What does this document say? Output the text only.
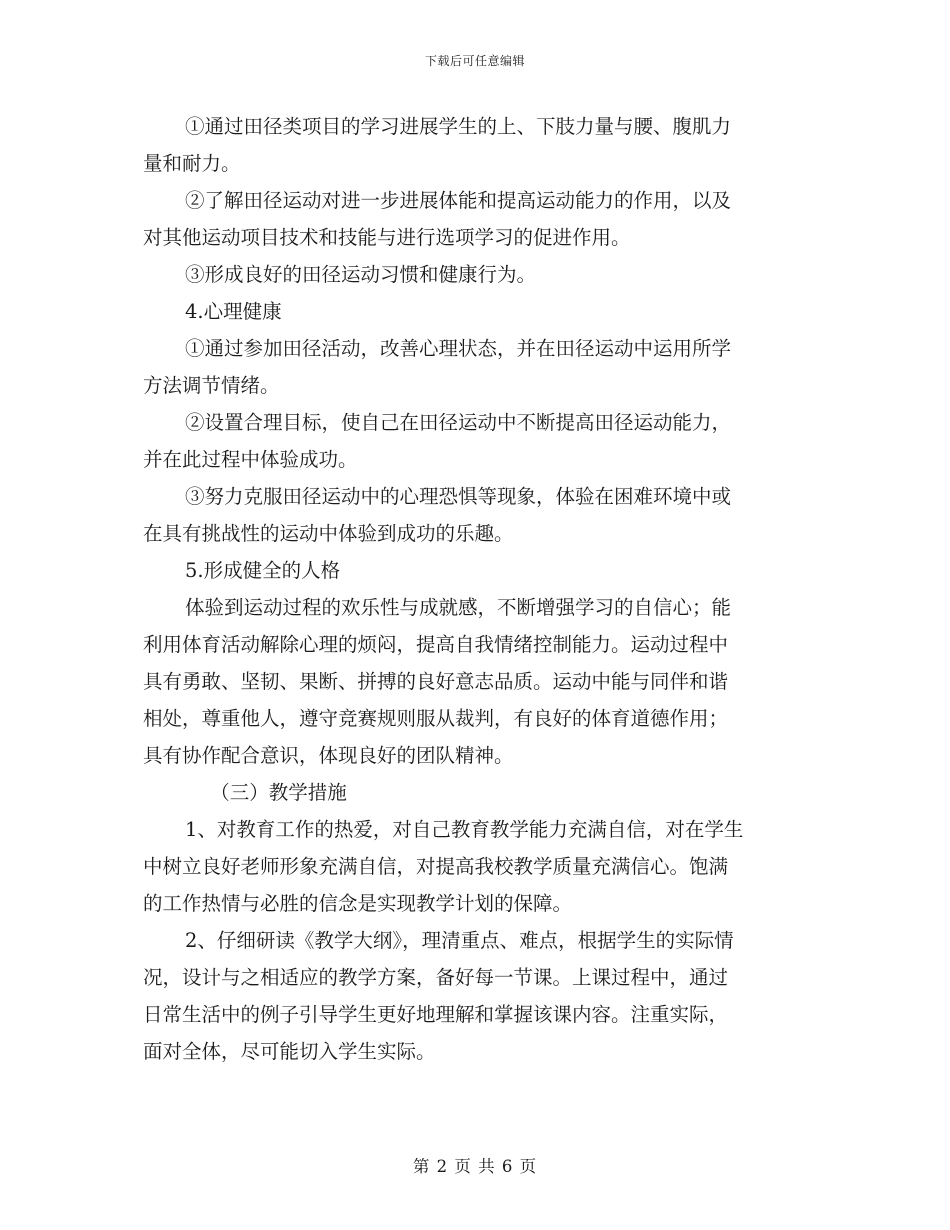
下载后可任意编辑
①通过田径类项目的学习进展学生的上、下肢力量与腰、腹肌力
量和耐力。
②了解田径运动对进一步进展体能和提高运动能力的作用，以及
对其他运动项目技术和技能与进行选项学习的促进作用。
③形成良好的田径运动习惯和健康行为。
4.心理健康
①通过参加田径活动，改善心理状态，并在田径运动中运用所学
方法调节情绪。
②设置合理目标，使自己在田径运动中不断提高田径运动能力，
并在此过程中体验成功。
③努力克服田径运动中的心理恐惧等现象，体验在困难环境中或
在具有挑战性的运动中体验到成功的乐趣。
5.形成健全的人格
体验到运动过程的欢乐性与成就感，不断增强学习的自信心；能
利用体育活动解除心理的烦闷，提高自我情绪控制能力。运动过程中
具有勇敢、坚韧、果断、拼搏的良好意志品质。运动中能与同伴和谐
相处，尊重他人，遵守竞赛规则服从裁判，有良好的体育道德作用；
具有协作配合意识，体现良好的团队精神。
（三）教学措施
1、对教育工作的热爱，对自己教育教学能力充满自信，对在学生
中树立良好老师形象充满自信，对提高我校教学质量充满信心。饱满
的工作热情与必胜的信念是实现教学计划的保障。
2、仔细研读《教学大纲》，理清重点、难点，根据学生的实际情
况，设计与之相适应的教学方案，备好每一节课。上课过程中，通过
日常生活中的例子引导学生更好地理解和掌握该课内容。注重实际，
面对全体，尽可能切入学生实际。
第 2 页 共 6 页
